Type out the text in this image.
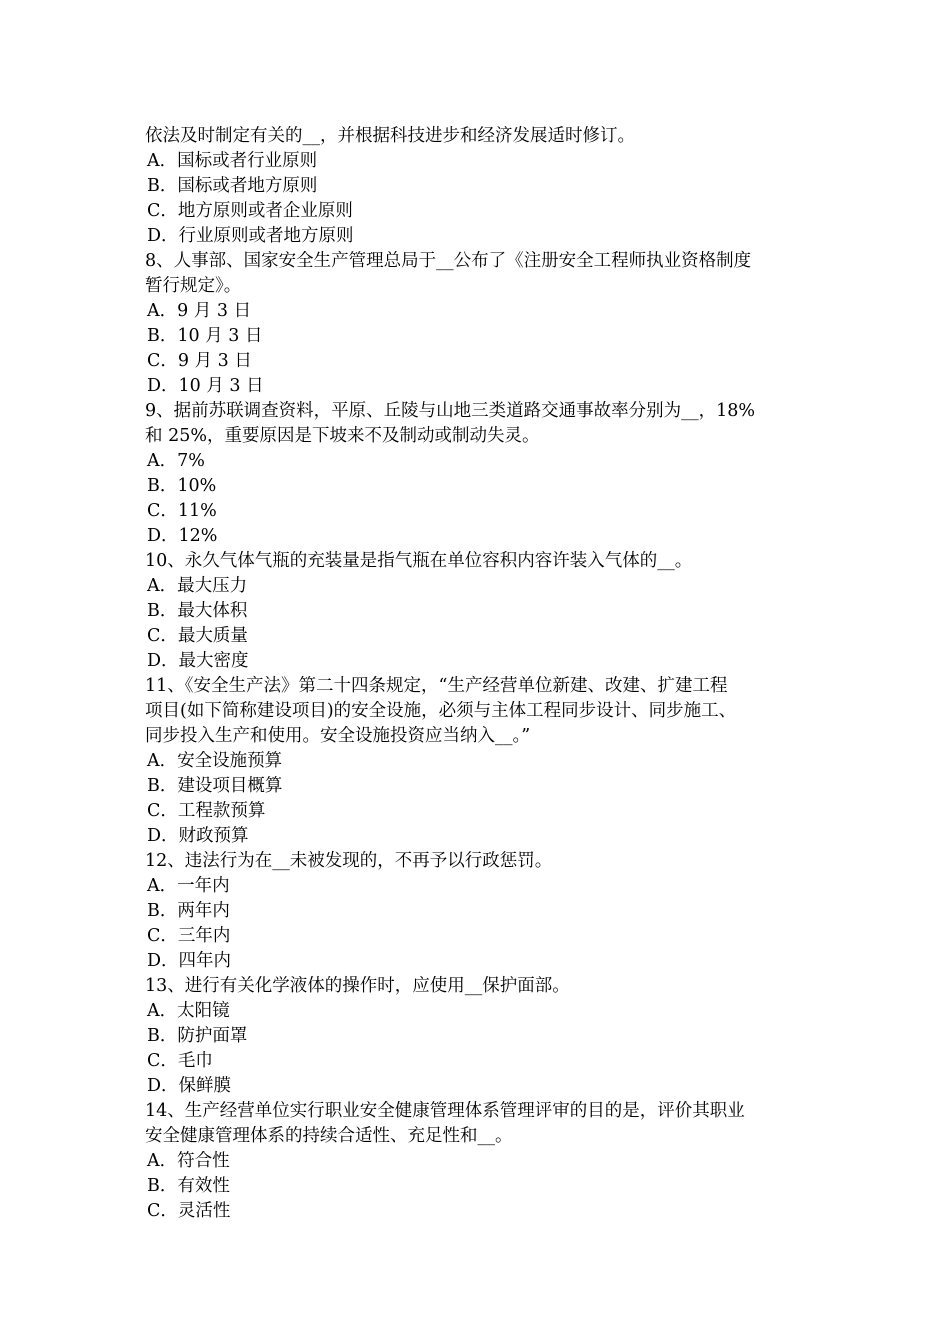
依法及时制定有关的__，并根据科技进步和经济发展适时修订。
A．国标或者行业原则
B．国标或者地方原则
C．地方原则或者企业原则
D．行业原则或者地方原则
8、人事部、国家安全生产管理总局于__公布了《注册安全工程师执业资格制度
暂行规定》。
A．9 月 3 日
B．10 月 3 日
C．9 月 3 日
D．10 月 3 日
9、据前苏联调查资料，平原、丘陵与山地三类道路交通事故率分别为__，18%
和 25%，重要原因是下坡来不及制动或制动失灵。
A．7%
B．10%
C．11%
D．12%
10、永久气体气瓶的充装量是指气瓶在单位容积内容许装入气体的__。
A．最大压力
B．最大体积
C．最大质量
D．最大密度
11、《安全生产法》第二十四条规定，“生产经营单位新建、改建、扩建工程
项目(如下简称建设项目)的安全设施，必须与主体工程同步设计、同步施工、
同步投入生产和使用。安全设施投资应当纳入__。”
A．安全设施预算
B．建设项目概算
C．工程款预算
D．财政预算
12、违法行为在__未被发现的，不再予以行政惩罚。
A．一年内
B．两年内
C．三年内
D．四年内
13、进行有关化学液体的操作时，应使用__保护面部。
A．太阳镜
B．防护面罩
C．毛巾
D．保鲜膜
14、生产经营单位实行职业安全健康管理体系管理评审的目的是，评价其职业
安全健康管理体系的持续合适性、充足性和__。
A．符合性
B．有效性
C．灵活性
